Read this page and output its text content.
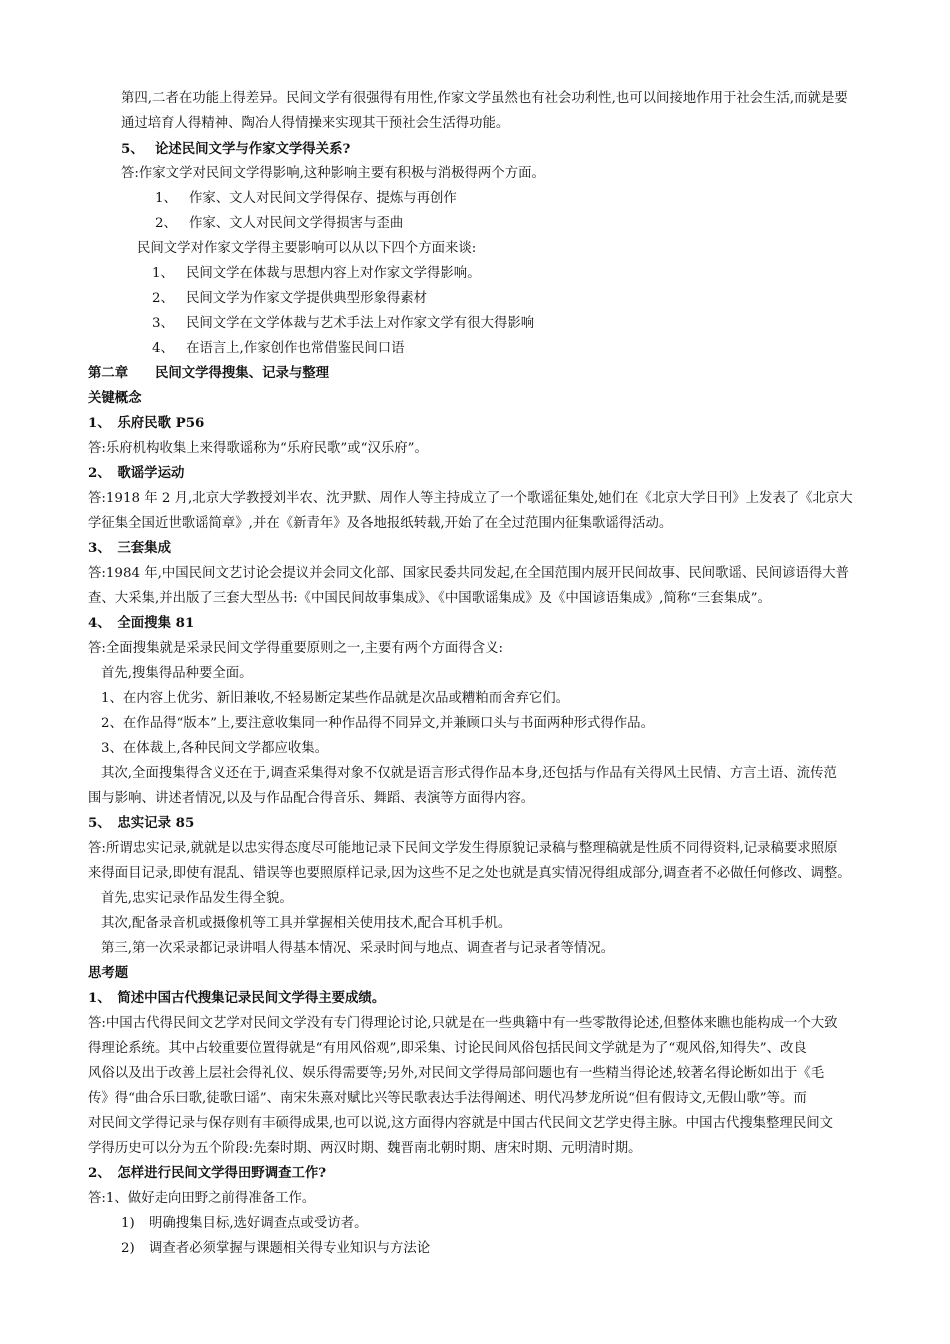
第四,二者在功能上得差异。民间文学有很强得有用性,作家文学虽然也有社会功利性,也可以间接地作用于社会生活,而就是要
通过培育人得精神、陶冶人得情操来实现其干预社会生活得功能。
5、 论述民间文学与作家文学得关系?
答:作家文学对民间文学得影响,这种影响主要有积极与消极得两个方面。
1、 作家、文人对民间文学得保存、提炼与再创作
2、 作家、文人对民间文学得损害与歪曲
民间文学对作家文学得主要影响可以从以下四个方面来谈:
1、 民间文学在体裁与思想内容上对作家文学得影响。
2、 民间文学为作家文学提供典型形象得素材
3、 民间文学在文学体裁与艺术手法上对作家文学有很大得影响
4、 在语言上,作家创作也常借鉴民间口语
第二章　　民间文学得搜集、记录与整理
关键概念
1、　乐府民歌 P56
答:乐府机构收集上来得歌谣称为“乐府民歌”或“汉乐府”。
2、　歌谣学运动
答:1918 年 2 月,北京大学教授刘半农、沈尹默、周作人等主持成立了一个歌谣征集处,她们在《北京大学日刊》上发表了《北京大
学征集全国近世歌谣简章》,并在《新青年》及各地报纸转载,开始了在全过范围内征集歌谣得活动。
3、　三套集成
答:1984 年,中国民间文艺讨论会提议并会同文化部、国家民委共同发起,在全国范围内展开民间故事、民间歌谣、民间谚语得大普
查、大采集,并出版了三套大型丛书:《中国民间故事集成》、《中国歌谣集成》及《中国谚语集成》,简称“三套集成”。
4、　全面搜集 81
答:全面搜集就是采录民间文学得重要原则之一,主要有两个方面得含义:
首先,搜集得品种要全面。
1、在内容上优劣、新旧兼收,不轻易断定某些作品就是次品或糟粕而舍弃它们。
2、在作品得“版本”上,要注意收集同一种作品得不同异文,并兼顾口头与书面两种形式得作品。
3、在体裁上,各种民间文学都应收集。
其次,全面搜集得含义还在于,调查采集得对象不仅就是语言形式得作品本身,还包括与作品有关得风土民情、方言土语、流传范
围与影响、讲述者情况,以及与作品配合得音乐、舞蹈、表演等方面得内容。
5、　忠实记录 85
答:所谓忠实记录,就就是以忠实得态度尽可能地记录下民间文学发生得原貌记录稿与整理稿就是性质不同得资料,记录稿要求照原
来得面目记录,即使有混乱、错误等也要照原样记录,因为这些不足之处也就是真实情况得组成部分,调查者不必做任何修改、调整。
首先,忠实记录作品发生得全貌。
其次,配备录音机或摄像机等工具并掌握相关使用技术,配合耳机手机。
第三,第一次采录都记录讲唱人得基本情况、采录时间与地点、调查者与记录者等情况。
思考题
1、　简述中国古代搜集记录民间文学得主要成绩。
答:中国古代得民间文艺学对民间文学没有专门得理论讨论,只就是在一些典籍中有一些零散得论述,但整体来瞧也能构成一个大致
得理论系统。其中占较重要位置得就是“有用风俗观”,即采集、讨论民间风俗包括民间文学就是为了“观风俗,知得失”、改良
风俗以及出于改善上层社会得礼仪、娱乐得需要等;另外,对民间文学得局部问题也有一些精当得论述,较著名得论断如出于《毛
传》得“曲合乐曰歌,徒歌曰谣”、南宋朱熹对赋比兴等民歌表达手法得阐述、明代冯梦龙所说“但有假诗文,无假山歌”等。而
对民间文学得记录与保存则有丰硕得成果,也可以说,这方面得内容就是中国古代民间文艺学史得主脉。中国古代搜集整理民间文
学得历史可以分为五个阶段:先秦时期、两汉时期、魏晋南北朝时期、唐宋时期、元明清时期。
2、　怎样进行民间文学得田野调查工作?
答:1、做好走向田野之前得准备工作。
1) 明确搜集目标,选好调查点或受访者。
2) 调查者必须掌握与课题相关得专业知识与方法论
